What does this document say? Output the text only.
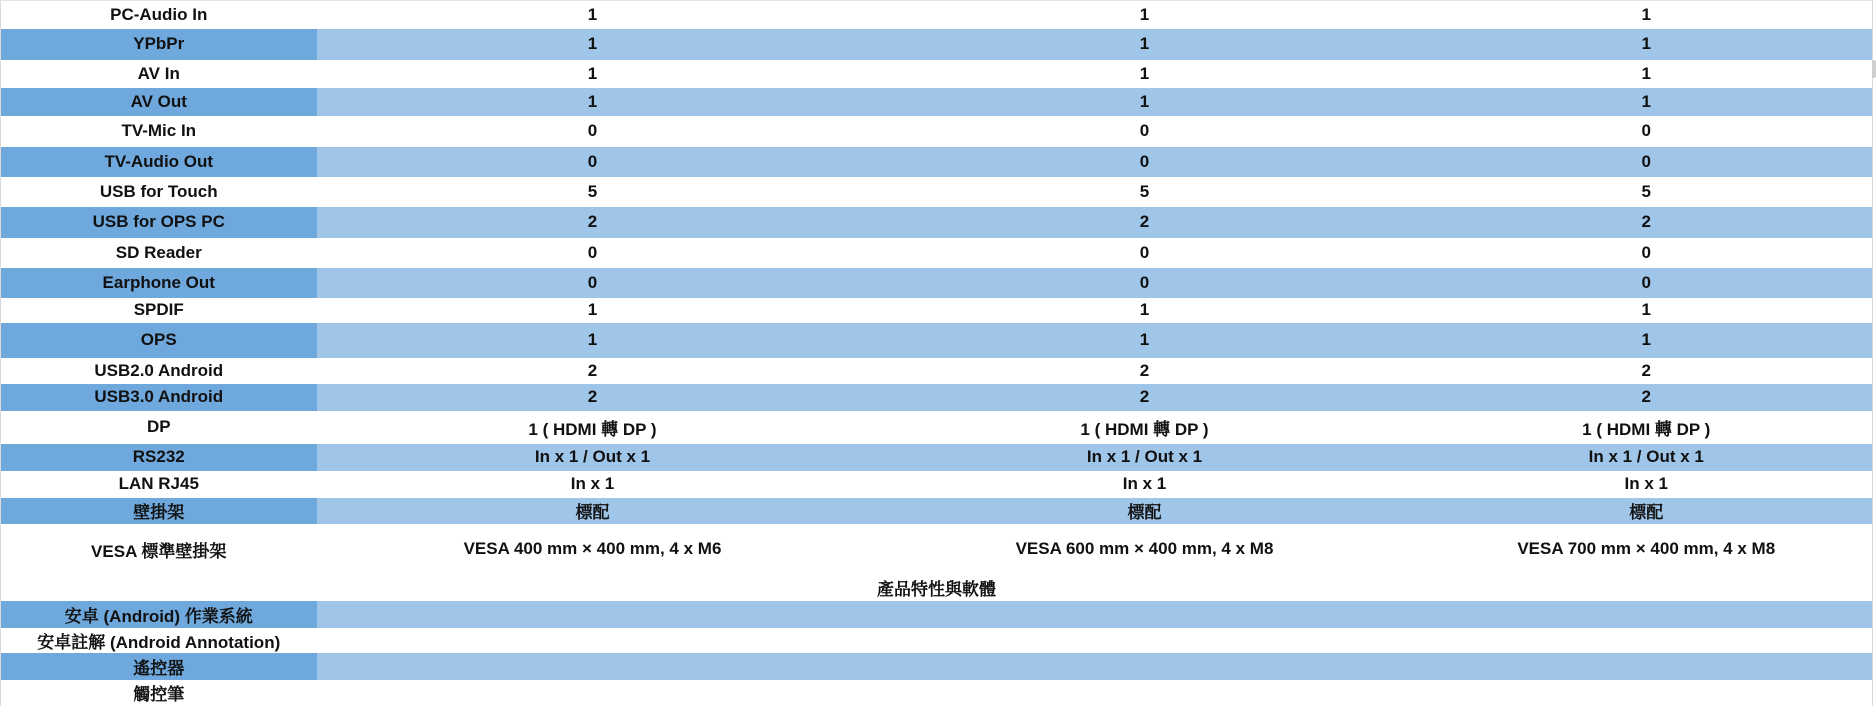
PC-Audio In	1	1	1
YPbPr	1	1	1
AV In	1	1	1
AV Out	1	1	1
TV-Mic In	0	0	0
TV-Audio Out	0	0	0
USB for Touch	5	5	5
USB for OPS PC	2	2	2
SD Reader	0	0	0
Earphone Out	0	0	0
SPDIF	1	1	1
OPS	1	1	1
USB2.0 Android	2	2	2
USB3.0 Android	2	2	2
DP	1 ( HDMI 轉 DP )	1 ( HDMI 轉 DP )	1 ( HDMI 轉 DP )
RS232	In x 1 / Out x 1	In x 1 / Out x 1	In x 1 / Out x 1
LAN RJ45	In x 1	In x 1	In x 1
壁掛架	標配	標配	標配
VESA 標準壁掛架	VESA 400 mm × 400 mm, 4 x M6	VESA 600 mm × 400 mm, 4 x M8	VESA 700 mm × 400 mm, 4 x M8
產品特性與軟體			
安卓 (Android) 作業系統			
安卓註解 (Android Annotation)			
遙控器			
觸控筆			
